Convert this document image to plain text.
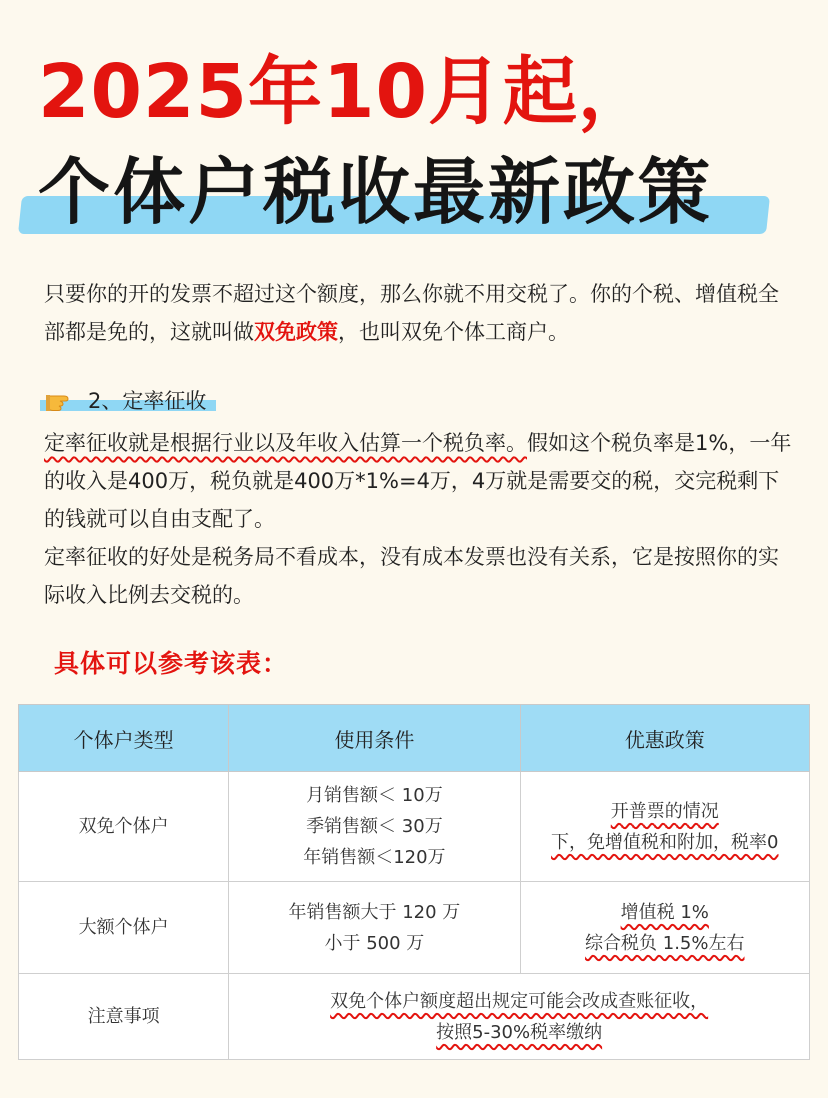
2025年10月起，
个体户税收最新政策
只要你的开的发票不超过这个额度，那么你就不用交税了。你的个税、增值税全部都是免的，这就叫做双免政策，也叫双免个体工商户。
2、定率征收
定率征收就是根据行业以及年收入估算一个税负率。假如这个税负率是1%，一年的收入是400万，税负就是400万*1%=4万，4万就是需要交的税，交完税剩下的钱就可以自由支配了。
定率征收的好处是税务局不看成本，没有成本发票也没有关系，它是按照你的实际收入比例去交税的。
具体可以参考该表：
个体户类型	使用条件	优惠政策
双免个体户	月销售额＜ 10万
季销售额＜ 30万
年销售额＜120万	开普票的情况
下，免增值税和附加，税率0

大额个体户	年销售额大于 120 万
小于 500 万	增值税 1%
综合税负 1.5%左右

注意事项	双免个体户额度超出规定可能会改成查账征收，
按照5-30%税率缴纳	
